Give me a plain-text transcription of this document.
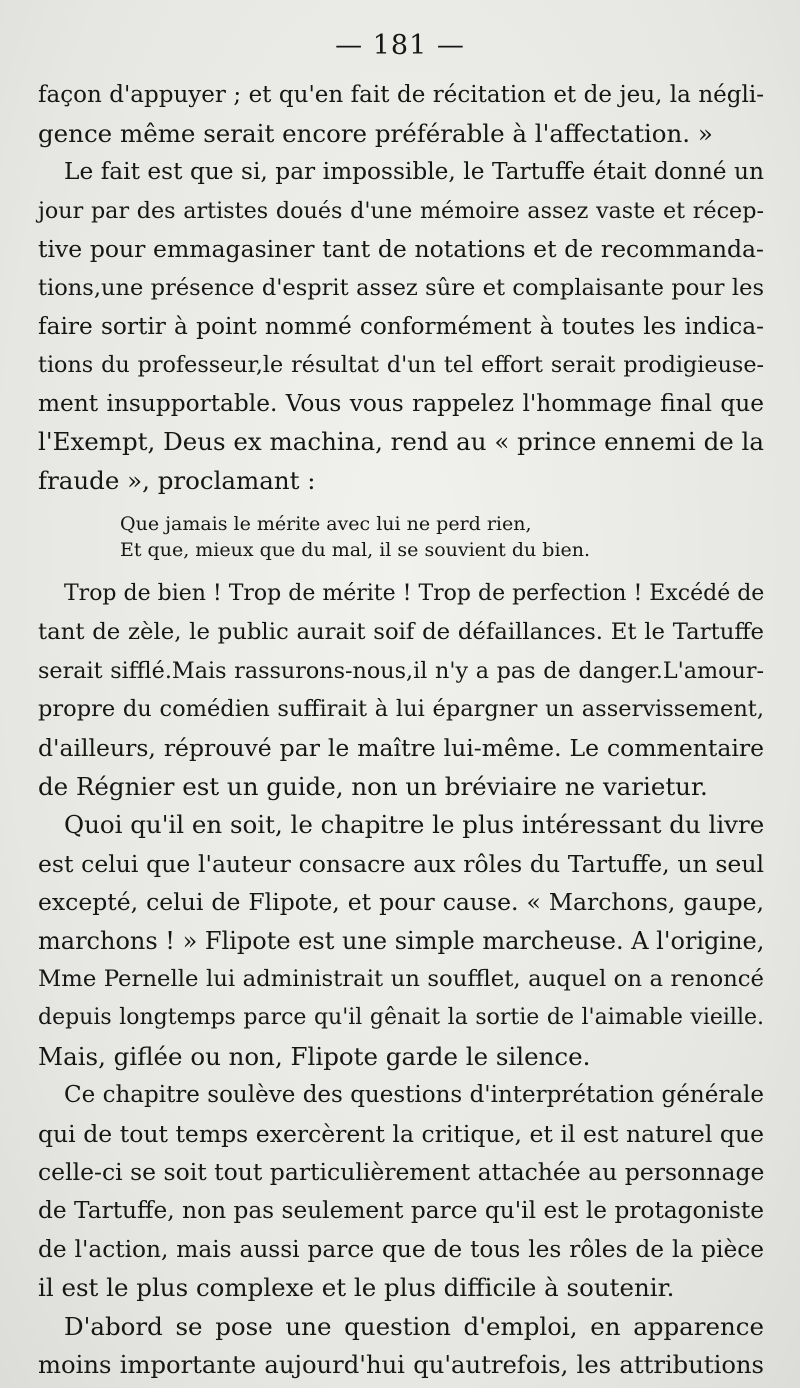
— 181 —
façon d'appuyer ; et qu'en fait de récitation et de jeu, la négli-
gence même serait encore préférable à l'affectation. »
Le fait est que si, par impossible, le Tartuffe était donné un
jour par des artistes doués d'une mémoire assez vaste et récep-
tive pour emmagasiner tant de notations et de recommanda-
tions,une présence d'esprit assez sûre et complaisante pour les
faire sortir à point nommé conformément à toutes les indica-
tions du professeur,le résultat d'un tel effort serait prodigieuse-
ment insupportable. Vous vous rappelez l'hommage final que
l'Exempt, Deus ex machina, rend au « prince ennemi de la
fraude », proclamant :
Que jamais le mérite avec lui ne perd rien,
Et que, mieux que du mal, il se souvient du bien.
Trop de bien ! Trop de mérite ! Trop de perfection ! Excédé de
tant de zèle, le public aurait soif de défaillances. Et le Tartuffe
serait sifflé.Mais rassurons-nous,il n'y a pas de danger.L'amour-
propre du comédien suffirait à lui épargner un asservissement,
d'ailleurs, réprouvé par le maître lui-même. Le commentaire
de Régnier est un guide, non un bréviaire ne varietur.
Quoi qu'il en soit, le chapitre le plus intéressant du livre
est celui que l'auteur consacre aux rôles du Tartuffe, un seul
excepté, celui de Flipote, et pour cause. « Marchons, gaupe,
marchons ! » Flipote est une simple marcheuse. A l'origine,
Mme Pernelle lui administrait un soufflet, auquel on a renoncé
depuis longtemps parce qu'il gênait la sortie de l'aimable vieille.
Mais, giflée ou non, Flipote garde le silence.
Ce chapitre soulève des questions d'interprétation générale
qui de tout temps exercèrent la critique, et il est naturel que
celle-ci se soit tout particulièrement attachée au personnage
de Tartuffe, non pas seulement parce qu'il est le protagoniste
de l'action, mais aussi parce que de tous les rôles de la pièce
il est le plus complexe et le plus difficile à soutenir.
D'abord se pose une question d'emploi, en apparence
moins importante aujourd'hui qu'autrefois, les attributions
